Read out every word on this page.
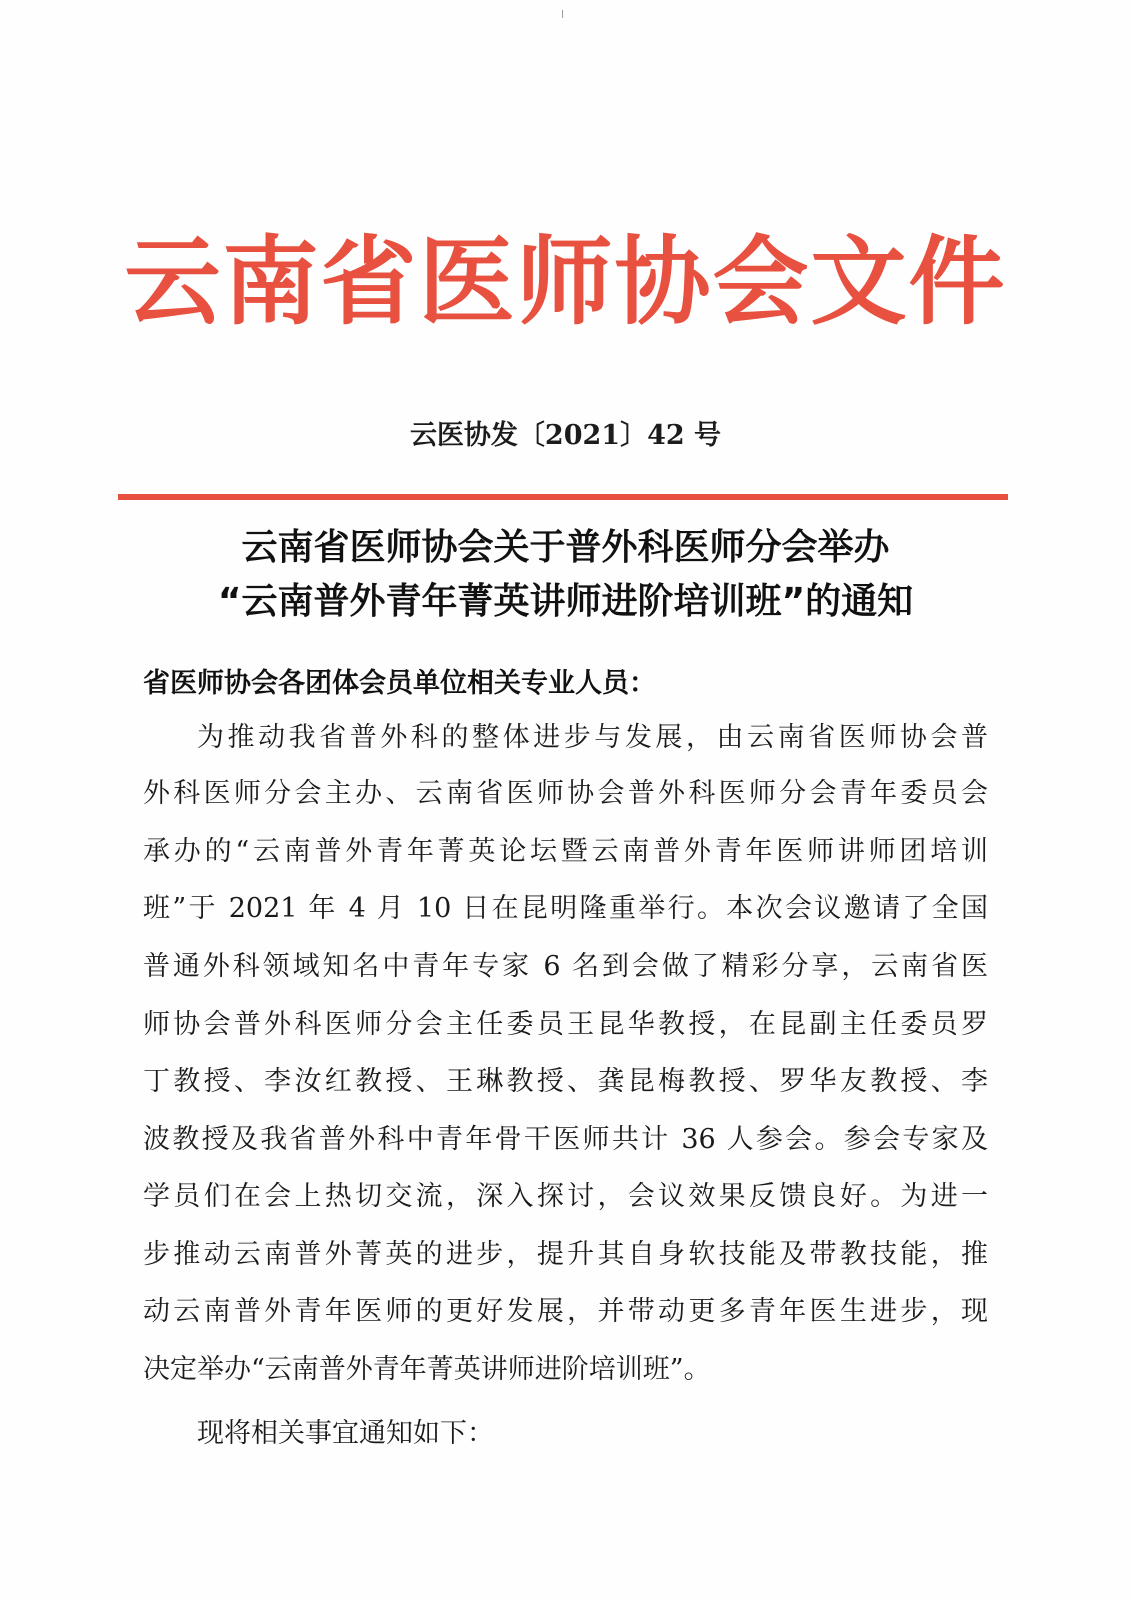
云南省医师协会文件
云医协发〔2021〕42 号
云南省医师协会关于普外科医师分会举办
“云南普外青年菁英讲师进阶培训班”的通知
省医师协会各团体会员单位相关专业人员：
为推动我省普外科的整体进步与发展，由云南省医师协会普
外科医师分会主办、云南省医师协会普外科医师分会青年委员会
承办的“云南普外青年菁英论坛暨云南普外青年医师讲师团培训
班”于 2021 年 4 月 10 日在昆明隆重举行。本次会议邀请了全国
普通外科领域知名中青年专家 6 名到会做了精彩分享，云南省医
师协会普外科医师分会主任委员王昆华教授，在昆副主任委员罗
丁教授、李汝红教授、王琳教授、龚昆梅教授、罗华友教授、李
波教授及我省普外科中青年骨干医师共计 36 人参会。参会专家及
学员们在会上热切交流，深入探讨，会议效果反馈良好。为进一
步推动云南普外菁英的进步，提升其自身软技能及带教技能，推
动云南普外青年医师的更好发展，并带动更多青年医生进步，现
决定举办“云南普外青年菁英讲师进阶培训班”。
现将相关事宜通知如下：
